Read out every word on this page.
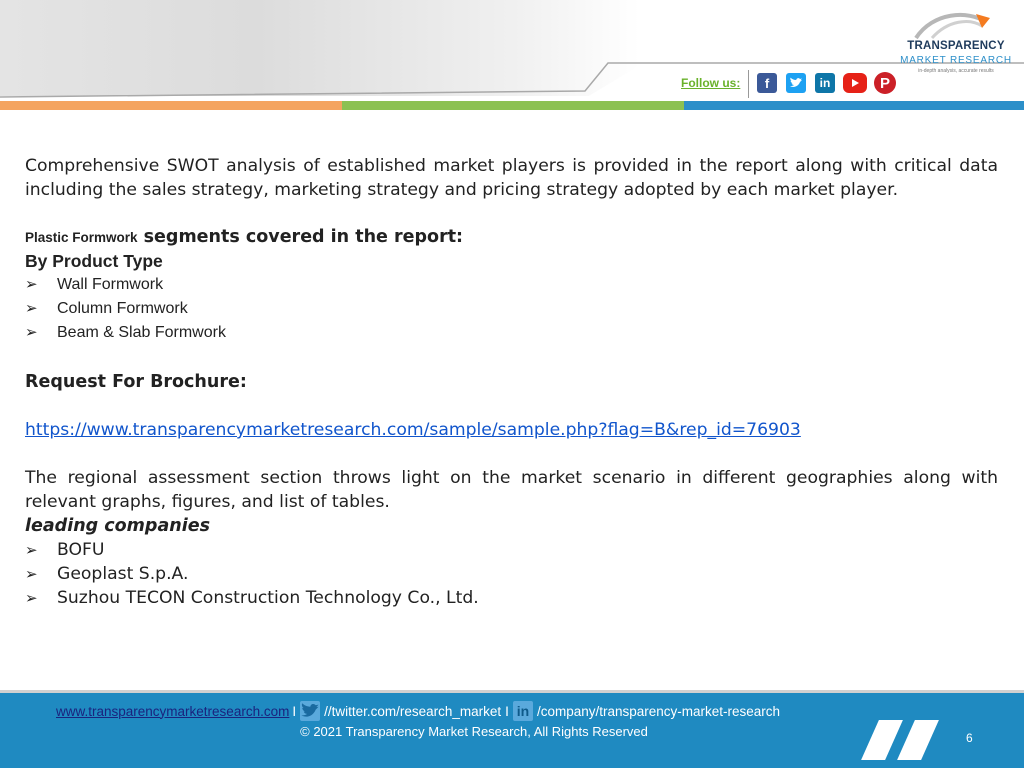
TRANSPARENCY
MARKET RESEARCH
in-depth analysis, accurate results
Follow us:	f	in	P

Comprehensive SWOT analysis of established market players is provided in the report along with critical data including the sales strategy, marketing strategy and pricing strategy adopted by each market player.

Plastic Formwork segments covered in the report:
By Product Type
➢ Wall Formwork
➢ Column Formwork
➢ Beam & Slab Formwork
Request For Brochure:
https://www.transparencymarketresearch.com/sample/sample.php?flag=B&rep_id=76903

The regional assessment section throws light on the market scenario in different geographies along with relevant graphs, figures, and list of tables.

leading companies
➢ BOFU
➢ Geoplast S.p.A.
➢ Suzhou TECON Construction Technology Co., Ltd.
www.transparencymarketresearch.com I //twitter.com/research_market I in /company/transparency-market-research
© 2021 Transparency Market Research, All Rights Reserved	6
